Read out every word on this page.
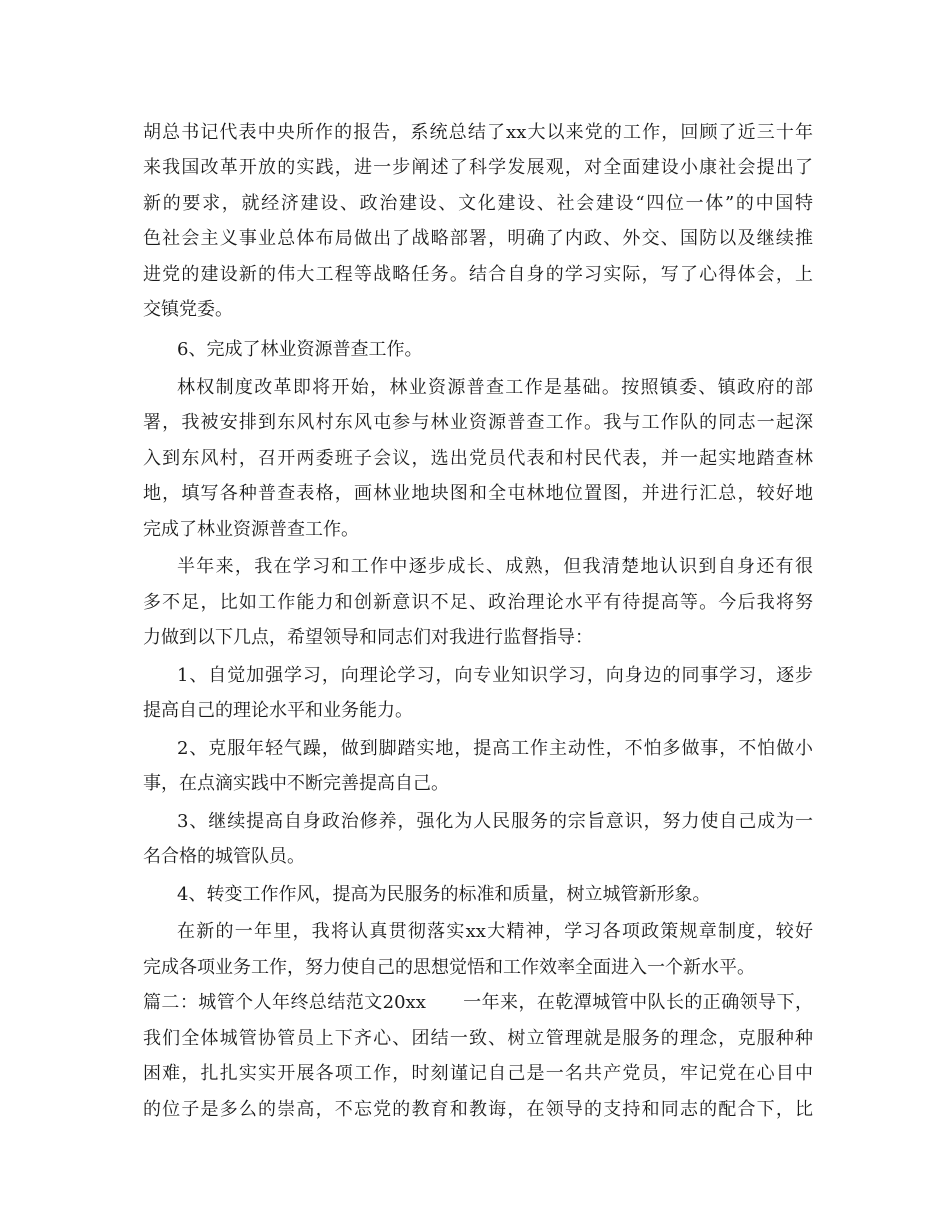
胡总书记代表中央所作的报告，系统总结了xx大以来党的工作，回顾了近三十年
来我国改革开放的实践，进一步阐述了科学发展观，对全面建设小康社会提出了
新的要求，就经济建设、政治建设、文化建设、社会建设“四位一体”的中国特
色社会主义事业总体布局做出了战略部署，明确了内政、外交、国防以及继续推
进党的建设新的伟大工程等战略任务。结合自身的学习实际，写了心得体会，上
交镇党委。
6、完成了林业资源普查工作。
林权制度改革即将开始，林业资源普查工作是基础。按照镇委、镇政府的部
署，我被安排到东风村东风屯参与林业资源普查工作。我与工作队的同志一起深
入到东风村，召开两委班子会议，选出党员代表和村民代表，并一起实地踏查林
地，填写各种普查表格，画林业地块图和全屯林地位置图，并进行汇总，较好地
完成了林业资源普查工作。
半年来，我在学习和工作中逐步成长、成熟，但我清楚地认识到自身还有很
多不足，比如工作能力和创新意识不足、政治理论水平有待提高等。今后我将努
力做到以下几点，希望领导和同志们对我进行监督指导：
1、自觉加强学习，向理论学习，向专业知识学习，向身边的同事学习，逐步
提高自己的理论水平和业务能力。
2、克服年轻气躁，做到脚踏实地，提高工作主动性，不怕多做事，不怕做小
事，在点滴实践中不断完善提高自己。
3、继续提高自身政治修养，强化为人民服务的宗旨意识，努力使自己成为一
名合格的城管队员。
4、转变工作作风，提高为民服务的标准和质量，树立城管新形象。
在新的一年里，我将认真贯彻落实xx大精神，学习各项政策规章制度，较好
完成各项业务工作，努力使自己的思想觉悟和工作效率全面进入一个新水平。
篇二：城管个人年终总结范文20xx　　一年来，在乾潭城管中队长的正确领导下，
我们全体城管协管员上下齐心、团结一致、树立管理就是服务的理念，克服种种
困难，扎扎实实开展各项工作，时刻谨记自己是一名共产党员，牢记党在心目中
的位子是多么的崇高，不忘党的教育和教诲，在领导的支持和同志的配合下，比
